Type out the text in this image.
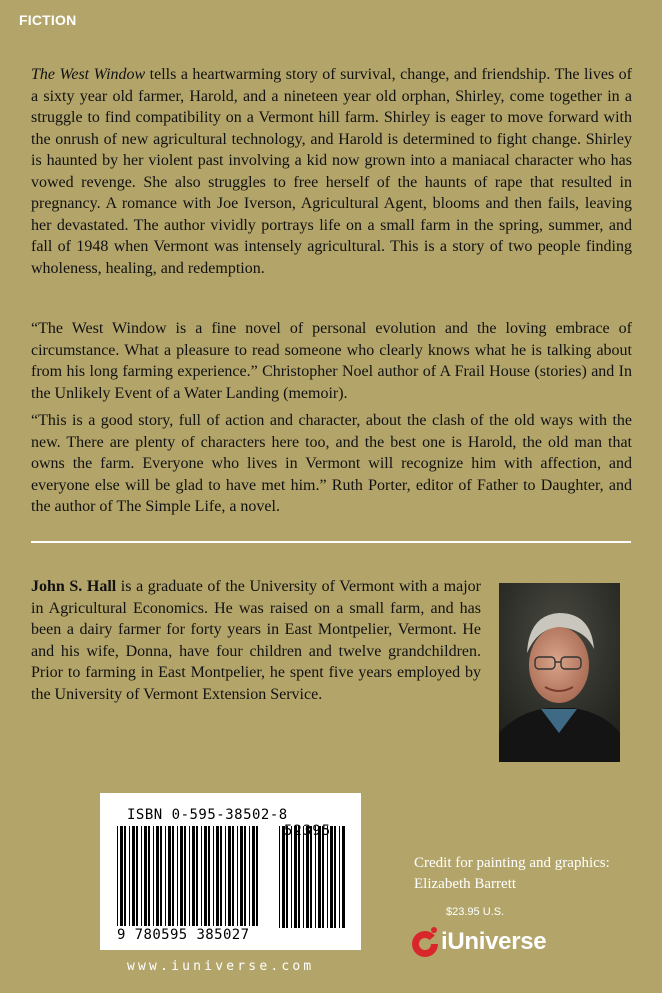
FICTION

The West Window tells a heartwarming story of survival, change, and friendship. The lives of a sixty year old farmer, Harold, and a nineteen year old orphan, Shirley, come together in a struggle to find compatibility on a Vermont hill farm. Shirley is eager to move forward with the onrush of new agricultural technology, and Harold is determined to fight change. Shirley is haunted by her violent past involving a kid now grown into a maniacal character who has vowed revenge. She also struggles to free herself of the haunts of rape that resulted in pregnancy. A romance with Joe Iverson, Agricultural Agent, blooms and then fails, leaving her devastated. The author vividly portrays life on a small farm in the spring, summer, and fall of 1948 when Vermont was intensely agricultural. This is a story of two people finding wholeness, healing, and redemption.

“The West Window is a fine novel of personal evolution and the loving embrace of circumstance. What a pleasure to read someone who clearly knows what he is talking about from his long farming experience.” Christopher Noel author of A Frail House (stories) and In the Unlikely Event of a Water Landing (memoir).

“This is a good story, full of action and character, about the clash of the old ways with the new. There are plenty of characters here too, and the best one is Harold, the old man that owns the farm. Everyone who lives in Vermont will recognize him with affection, and everyone else will be glad to have met him.” Ruth Porter, editor of Father to Daughter, and the author of The Simple Life, a novel.

John S. Hall is a graduate of the University of Vermont with a major in Agricultural Economics. He was raised on a small farm, and has been a dairy farmer for forty years in East Montpelier, Vermont. He and his wife, Donna, have four children and twelve grandchildren. Prior to farming in East Montpelier, he spent five years employed by the University of Vermont Extension Service.

ISBN 0-595-38502-8
9 780595 385027
www.iuniverse.com
Credit for painting and graphics:
Elizabeth Barrett
$23.95 U.S.
iUniverse
